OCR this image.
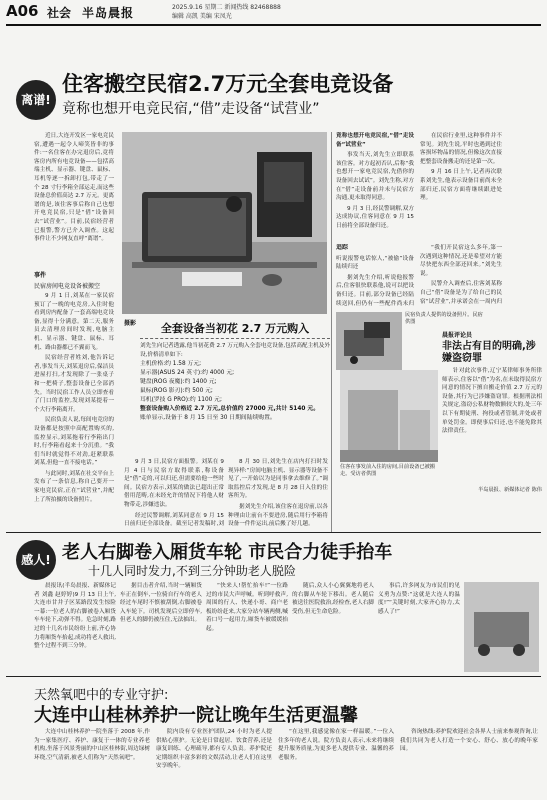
A06 社会 半岛晨报	2025.9.16 星期二 新闻热线 82468888
编辑 高凯 美编 宋凤光
离谱!
住客搬空民宿2.7万元全套电竞设备
竟称也想开电竞民宿,“借”走设备“试营业”

近日,大连开发区一家电竞民宿,遭遇一起令人啼笑皆非的事件:一名住客在办完退房后,竟将客房内所有电竞设备——包括高端主机、显示器、键盘、鼠标、耳机等逐一拆卸打包,带走了一个 28 寸行李箱全部运走,而这些设备总价值高达 2.7 万元。更离谱的是,该住客事后称自己也想开电竞民宿,只是“借”设备回去“试营业”。目前,民宿经营者已报警,警方已介入调查。这起事件让不少网友直呼“离谱”。

事件
民宿房间电竞设备被搬空

9 月 1 日,刘某在一家民宿预订了一晚的电竞房,入住时他看到房内配备了一套高端电竞设备,显得十分满意。第二天,服务员去清理房间时发现,电脑主机、显示器、键盘、鼠标、耳机、路由器都已不翼而飞。

民宿经营者姓刘,他告诉记者,事发当天,刘某退房后,保洁员进屋打扫,才发现除了一张桌子和一把椅子,整套设备已全部消失。当时民宿工作人员立即查看了门口的监控,发现刘某提着一个大行李箱离开。

民宿负责人说,每间电竞房的设备都是按照中高配置购买的,监控显示,刘某拖着行李箱出门时,行李箱看起来十分沉重。“我们当时就觉得不对劲,赶紧联系刘某,但他一直不接电话。”

与此同时,刘某在社交平台上发布了一条信息,称自己要开一家电竞民宿,正在“试营业”,并配上了所拍摄的设备照片。

摄影	全套设备当初花 2.7 万元购入
刘先生向记者透露,他当初花费 2.7 万元购入全套电竞设备,包括高配主机及外设,价格清单如下:
主机价格:约 1.58 万元;
显示器(ASUS 24 英寸):约 4000 元;
键盘(ROG 夜魔):约 1400 元;
鼠标(ROG 影刃):约 500 元;
耳机(罗技 G PRO):约 1100 元;
整套设备购入价格近 2.7 万元,总价值约 27000 元,共计 5140 元。
账单显示,设备于 8 月 15 日至 30 日期间陆续购置。

9 月 3 日,民宿方面报警。刘某在 9 月 4 日与民宿方取得联系,称设备是“借”走的,可以归还,但需要给他一些时间。民宿方表示,刘某的做法已超出正常借用范畴,在未经允许的情况下将他人财物带走,涉嫌违法。

经过民警调解,刘某同意在 9 月 15 日前归还全部设备。截至记者发稿时,刘

8 月 30 日,刘先生在店内打扫时发现异样:“房间电脑主机、显示器等设备不见了,一开始以为是同事拿去维修了。”调取监控后才发现,是 8 月 28 日入住的住客所为。

据刘先生介绍,该住客在退房前,以各种理由让前台不要进房,随后用行李箱将设备一件件运出,前后搬了好几趟。

竟称也想开电竞民宿,“借”走设备“试营业”

事发当天,刘先生立即联系该住客。对方起初否认,后称“我也想开一家电竞民宿,先借你的设备回去试试”。刘先生称,对方在“借”走设备前并未与民宿方沟通,更未取得同意。

9 月 3 日,经民警调解,双方达成协议,住客同意在 9 月 15 日前将全部设备归还。

在民宿行业里,这种事件并不常见。刘先生说,平时也遇到过住客损坏物品的情况,但像这次直接把整套设备搬走的还是第一次。

9 月 16 日上午,记者再次联系刘先生,他表示设备目前尚未全部归还,民宿方面将继续跟进处理。

追踪

听说报警电话惊人,“被偷”设备陆续归还

据刘先生介绍,听说他报警后,住客很快联系他,说可以把设备归还。目前,部分设备已经陆续送回,但仍有一些配件尚未归

“我们开民宿这么多年,第一次遇到这种情况,还是希望对方能尽快把东西全部还回来。”刘先生说。

民警介入调查后,住客刘某称自己“借”设备是为了给自己的民宿“试营业”,并承诺会在一周内归

民宿负责人提供的设备照片。民宿供图
住客在事发前入住的房间,目前设备已被搬走。受访者供图
晨报评论员
非法占有目的明确,涉嫌盗窃罪

针对此次事件,辽宁某律师事务所律师表示,住客以“借”为名,在未取得民宿方同意的情况下擅自搬走价值 2.7 万元的设备,其行为已涉嫌盗窃罪。根据刑法相关规定,盗窃公私财物数额较大的,处三年以下有期徒刑、拘役或者管制,并处或者单处罚金。即便事后归还,也不能免除其法律责任。

半岛晨报、新媒体记者 陈伟
感人! 老人右脚卷入厢货车轮 市民合力徒手抬车
十几人同时发力,不到三分钟助老人脱险

晨报讯(半岛晨报、新媒体记者 刘鑫 赵婷婷)9 月 13 日上午,大连市甘井子区某路段发生惊险一幕:一位老人的右脚被卷入厢货车车轮下,动弹不得。危急时刻,路过的十几名市民纷纷上前,齐心协力将厢货车抬起,成功将老人救出,整个过程不到三分钟。

据目击者介绍,当时一辆厢货车正在倒车,一位骑自行车的老人经过车尾时不慎被刮倒,右脚被卷入车轮下。司机发现后立即停车,但老人的脚仍被压住,无法抽出。

“快来人!帮忙抬车!”一位路过的市民大声呼喊。听到呼救声,周围的行人、快递小哥、商户老板纷纷赶来,大家分站车辆两侧,喊着口号一起用力,厢货车被缓缓抬起。

随后,众人小心翼翼地将老人的右脚从车轮下移出。老人随后被送往医院救治,经检查,老人右脚受伤,但无生命危险。

事后,许多网友为市民们的见义勇为点赞:“这就是大连人的温度!”“关键时刻,大家齐心协力,太感人了!”

天然氧吧中的专业守护:
大连中山桂林养护一院让晚年生活更温馨

大连中山桂林养护一院坐落于 2008 年,作为一家集医疗、养护、康复于一体的专业养老机构,坐落于风景秀丽的中山区桂林街,周边绿树环绕,空气清新,被老人们称为“天然氧吧”。

院内设有专业医护团队,24 小时为老人提供贴心照护。无论是日常起居、饮食营养,还是康复训练、心理疏导,都有专人负责。养护院还定期组织丰富多彩的文娱活动,让老人们在这里安享晚年。

“在这里,我感觉像在家一样温暖。”一位入住多年的老人说。院方负责人表示,未来将继续提升服务质量,为更多老人提供专业、温馨的养老服务。

咨询热线:养护院欢迎社会各界人士前来参观咨询,让我们共同为老人打造一个安心、舒心、放心的晚年家园。
